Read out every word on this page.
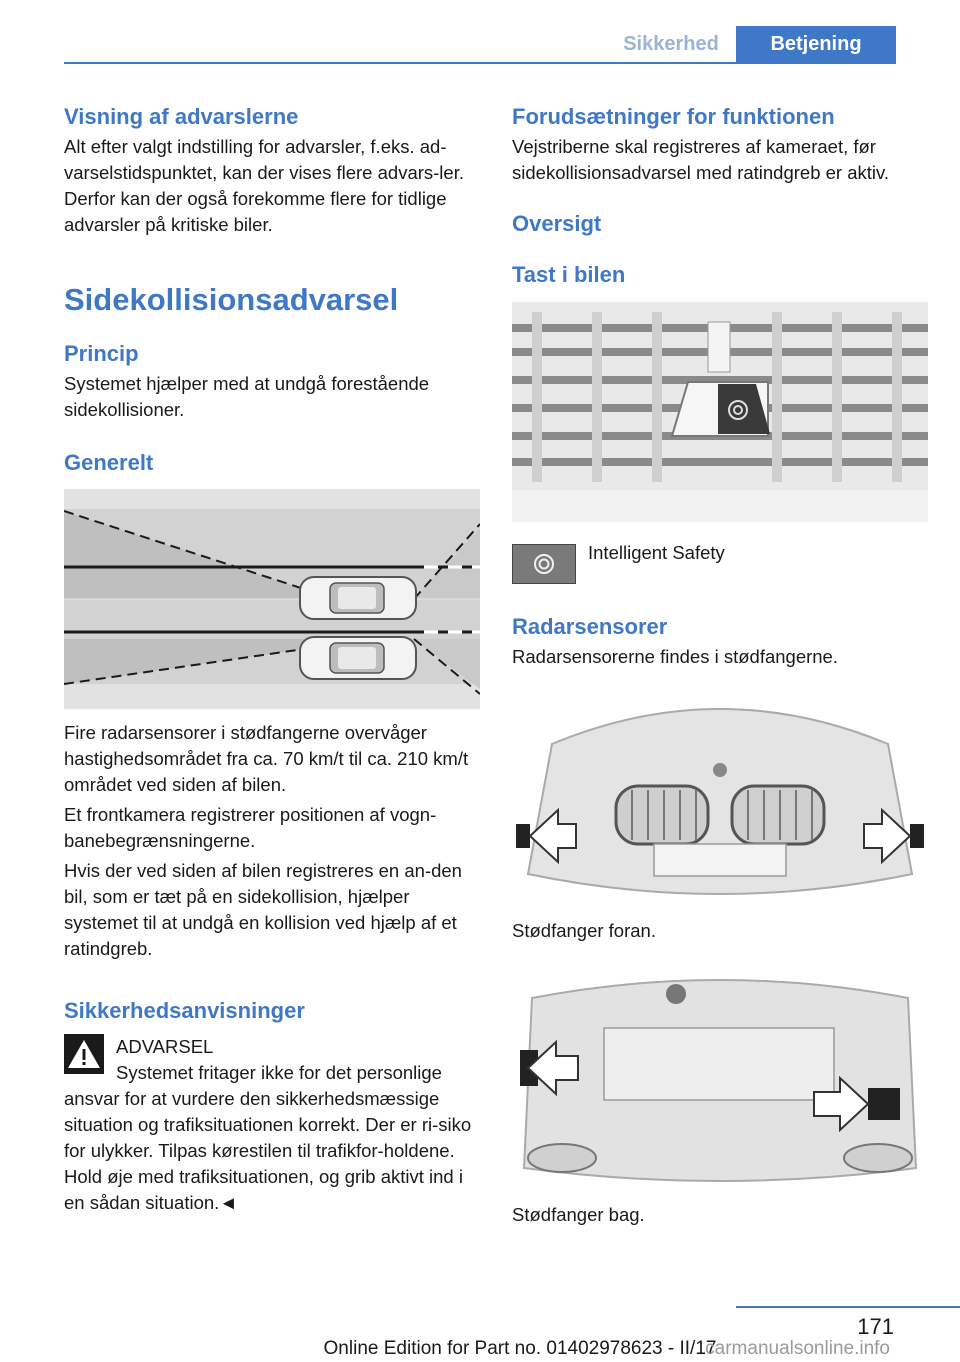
Sikkerhed	Betjening

Visning af advarslerne

Alt efter valgt indstilling for advarsler, f.eks. ad-varselstidspunktet, kan der vises flere advars-ler. Derfor kan der også forekomme flere for tidlige advarsler på kritiske biler.

Sidekollisionsadvarsel

Princip

Systemet hjælper med at undgå forestående sidekollisioner.

Generelt

Fire radarsensorer i stødfangerne overvåger hastighedsområdet fra ca. 70 km/t til ca. 210 km/t området ved siden af bilen.

Et frontkamera registrerer positionen af vogn-banebegrænsningerne.

Hvis der ved siden af bilen registreres en an-den bil, som er tæt på en sidekollision, hjælper systemet til at undgå en kollision ved hjælp af et ratindgreb.

Sikkerhedsanvisninger

ADVARSEL

Systemet fritager ikke for det personlige

ansvar for at vurdere den sikkerhedsmæssige situation og trafiksituationen korrekt. Der er ri-siko for ulykker. Tilpas kørestilen til trafikfor-holdene. Hold øje med trafiksituationen, og grib aktivt ind i en sådan situation.◄

Forudsætninger for funktionen

Vejstriberne skal registreres af kameraet, før sidekollisionsadvarsel med ratindgreb er aktiv.

Oversigt

Tast i bilen

Intelligent Safety

Radarsensorer

Radarsensorerne findes i stødfangerne.

Stødfanger foran.

Stødfanger bag.

171
Online Edition for Part no. 01402978623 - II/17
carmanualsonline.info
